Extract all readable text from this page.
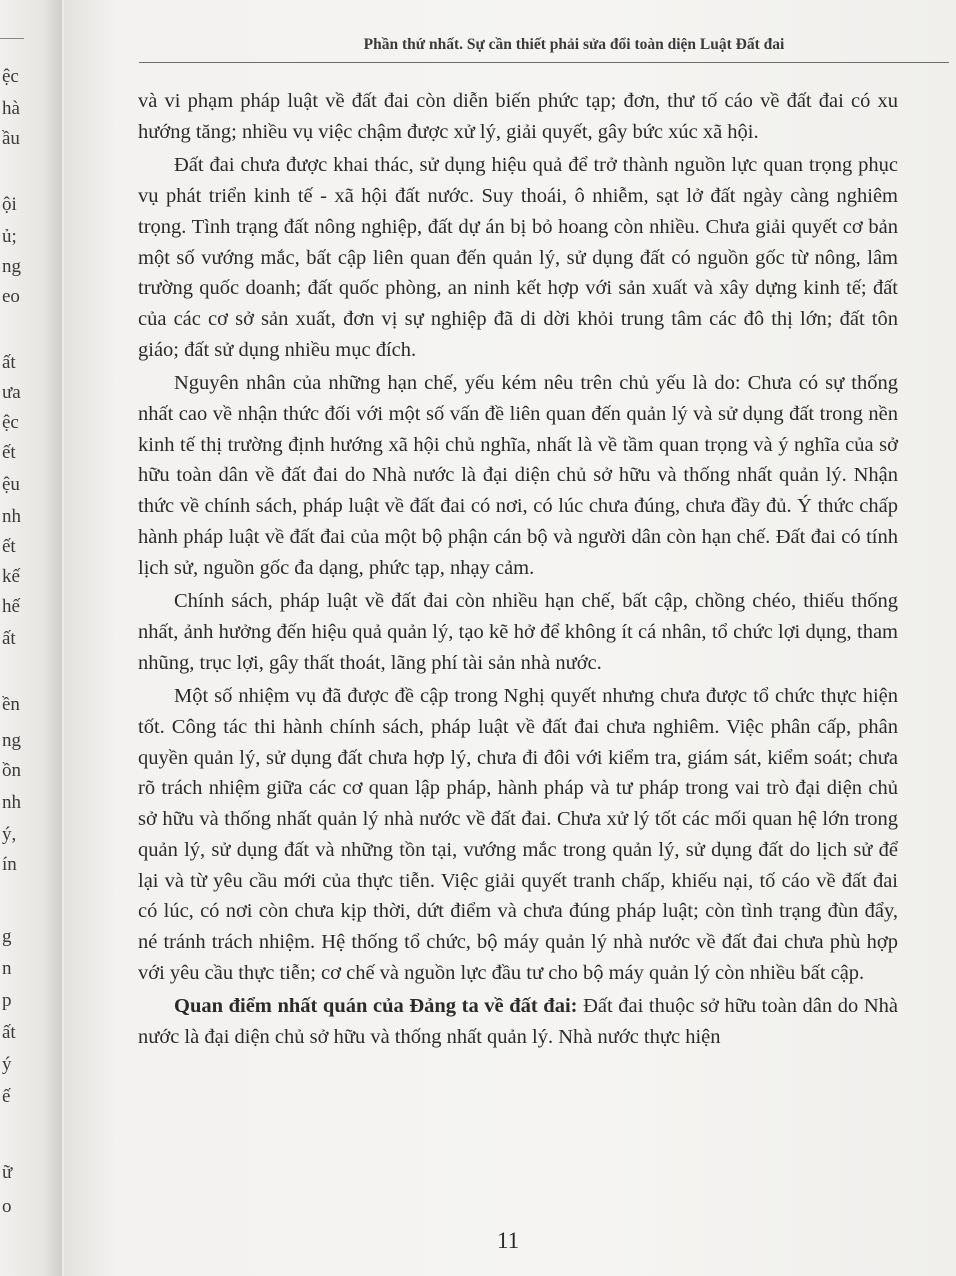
ệc
hà
ầu
ội
ủ;
ng
eo
ất
ưa
ệc
ết
ệu
nh
ết
kế
hế
ất
ền
ng
ồn
nh
ý,
ín
g
n
p
ất
ý
ế
ữ
o
Phần thứ nhất. Sự cần thiết phải sửa đổi toàn diện Luật Đất đai

và vi phạm pháp luật về đất đai còn diễn biến phức tạp; đơn, thư tố cáo về đất đai có xu hướng tăng; nhiều vụ việc chậm được xử lý, giải quyết, gây bức xúc xã hội.

Đất đai chưa được khai thác, sử dụng hiệu quả để trở thành nguồn lực quan trọng phục vụ phát triển kinh tế - xã hội đất nước. Suy thoái, ô nhiễm, sạt lở đất ngày càng nghiêm trọng. Tình trạng đất nông nghiệp, đất dự án bị bỏ hoang còn nhiều. Chưa giải quyết cơ bản một số vướng mắc, bất cập liên quan đến quản lý, sử dụng đất có nguồn gốc từ nông, lâm trường quốc doanh; đất quốc phòng, an ninh kết hợp với sản xuất và xây dựng kinh tế; đất của các cơ sở sản xuất, đơn vị sự nghiệp đã di dời khỏi trung tâm các đô thị lớn; đất tôn giáo; đất sử dụng nhiều mục đích.

Nguyên nhân của những hạn chế, yếu kém nêu trên chủ yếu là do: Chưa có sự thống nhất cao về nhận thức đối với một số vấn đề liên quan đến quản lý và sử dụng đất trong nền kinh tế thị trường định hướng xã hội chủ nghĩa, nhất là về tầm quan trọng và ý nghĩa của sở hữu toàn dân về đất đai do Nhà nước là đại diện chủ sở hữu và thống nhất quản lý. Nhận thức về chính sách, pháp luật về đất đai có nơi, có lúc chưa đúng, chưa đầy đủ. Ý thức chấp hành pháp luật về đất đai của một bộ phận cán bộ và người dân còn hạn chế. Đất đai có tính lịch sử, nguồn gốc đa dạng, phức tạp, nhạy cảm.

Chính sách, pháp luật về đất đai còn nhiều hạn chế, bất cập, chồng chéo, thiếu thống nhất, ảnh hưởng đến hiệu quả quản lý, tạo kẽ hở để không ít cá nhân, tổ chức lợi dụng, tham nhũng, trục lợi, gây thất thoát, lãng phí tài sản nhà nước.

Một số nhiệm vụ đã được đề cập trong Nghị quyết nhưng chưa được tổ chức thực hiện tốt. Công tác thi hành chính sách, pháp luật về đất đai chưa nghiêm. Việc phân cấp, phân quyền quản lý, sử dụng đất chưa hợp lý, chưa đi đôi với kiểm tra, giám sát, kiểm soát; chưa rõ trách nhiệm giữa các cơ quan lập pháp, hành pháp và tư pháp trong vai trò đại diện chủ sở hữu và thống nhất quản lý nhà nước về đất đai. Chưa xử lý tốt các mối quan hệ lớn trong quản lý, sử dụng đất và những tồn tại, vướng mắc trong quản lý, sử dụng đất do lịch sử để lại và từ yêu cầu mới của thực tiễn. Việc giải quyết tranh chấp, khiếu nại, tố cáo về đất đai có lúc, có nơi còn chưa kịp thời, dứt điểm và chưa đúng pháp luật; còn tình trạng đùn đẩy, né tránh trách nhiệm. Hệ thống tổ chức, bộ máy quản lý nhà nước về đất đai chưa phù hợp với yêu cầu thực tiễn; cơ chế và nguồn lực đầu tư cho bộ máy quản lý còn nhiều bất cập.

Quan điểm nhất quán của Đảng ta về đất đai: Đất đai thuộc sở hữu toàn dân do Nhà nước là đại diện chủ sở hữu và thống nhất quản lý. Nhà nước thực hiện

11
